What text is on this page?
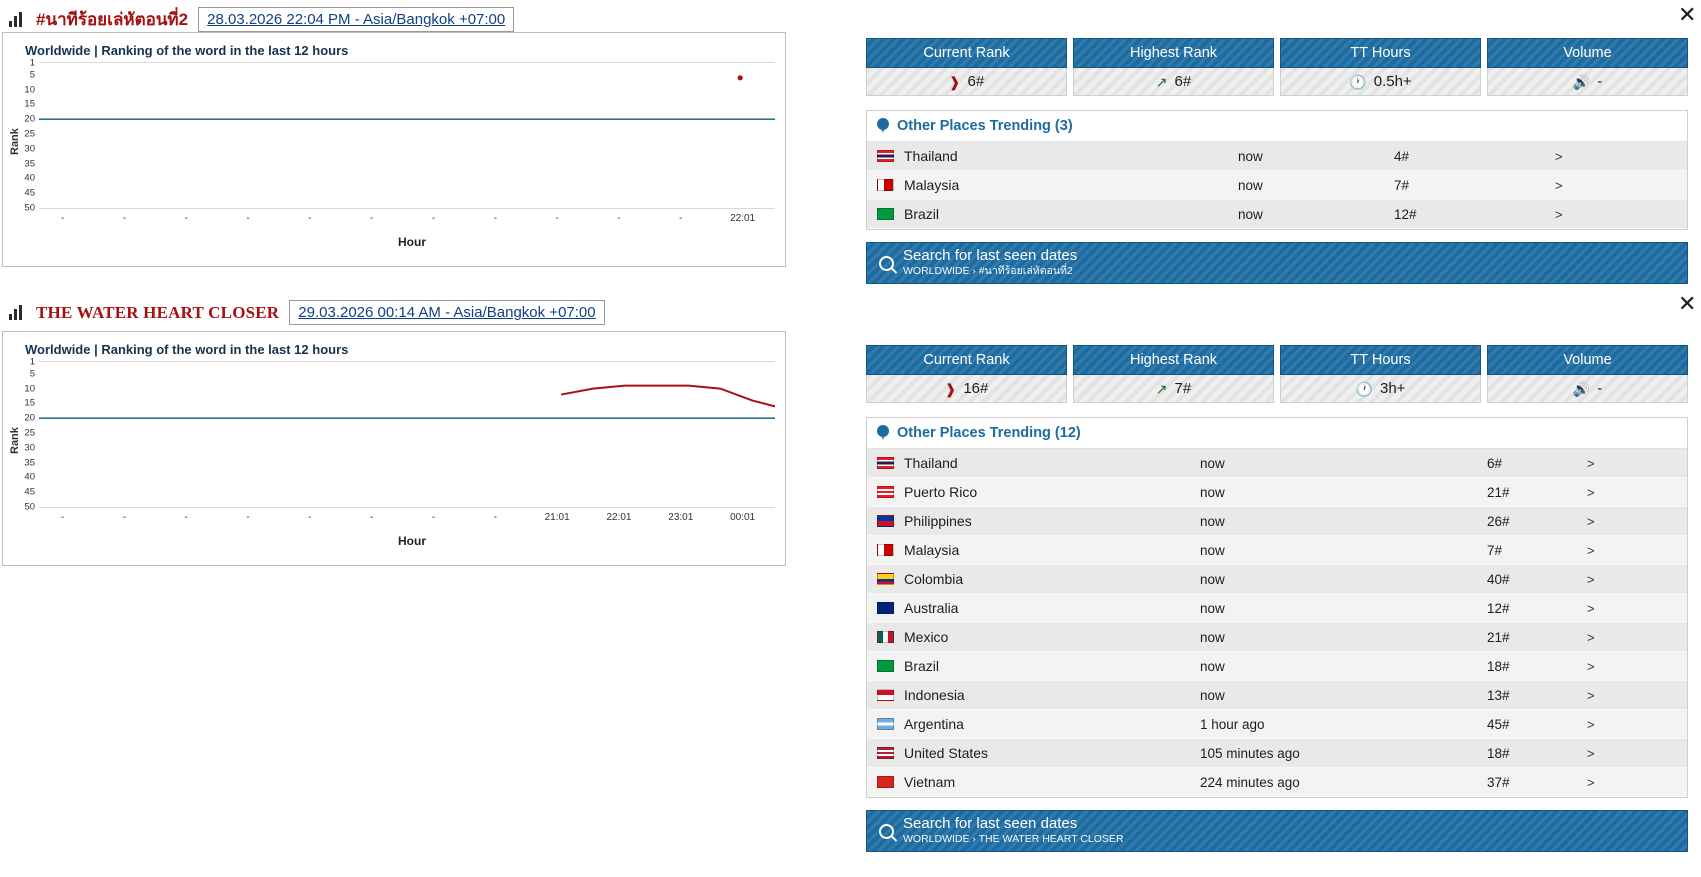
#นาทีร้อยเล่หัตอนที่2	28.03.2026 22:04 PM - Asia/Bangkok +07:00
Worldwide | Ranking of the word in the last 12 hours
Rank
1
5
10
15
20
25
30
35
40
45
50
-	-	-	-	-	-	-	-	-	-	-	22:01
Hour
✕
Current Rank
❱ 6#
Highest Rank
↗ 6#
TT Hours
🕐 0.5h+
Volume
🔊 -
Other Places Trending (3)
Thailand	now	4#	>
Malaysia	now	7#	>
Brazil	now	12#	>
Search for last seen dates
WORLDWIDE › #นาทีร้อยเล่หัตอนที่2
THE WATER HEART CLOSER	29.03.2026 00:14 AM - Asia/Bangkok +07:00
Worldwide | Ranking of the word in the last 12 hours
Rank
1
5
10
15
20
25
30
35
40
45
50
-	-	-	-	-	-	-	-	21:01	22:01	23:01	00:01
Hour
✕
Current Rank
❱ 16#
Highest Rank
↗ 7#
TT Hours
🕐 3h+
Volume
🔊 -
Other Places Trending (12)
Thailand	now	6#	>
Puerto Rico	now	21#	>
Philippines	now	26#	>
Malaysia	now	7#	>
Colombia	now	40#	>
Australia	now	12#	>
Mexico	now	21#	>
Brazil	now	18#	>
Indonesia	now	13#	>
Argentina	1 hour ago	45#	>
United States	105 minutes ago	18#	>
Vietnam	224 minutes ago	37#	>
Search for last seen dates
WORLDWIDE › THE WATER HEART CLOSER
